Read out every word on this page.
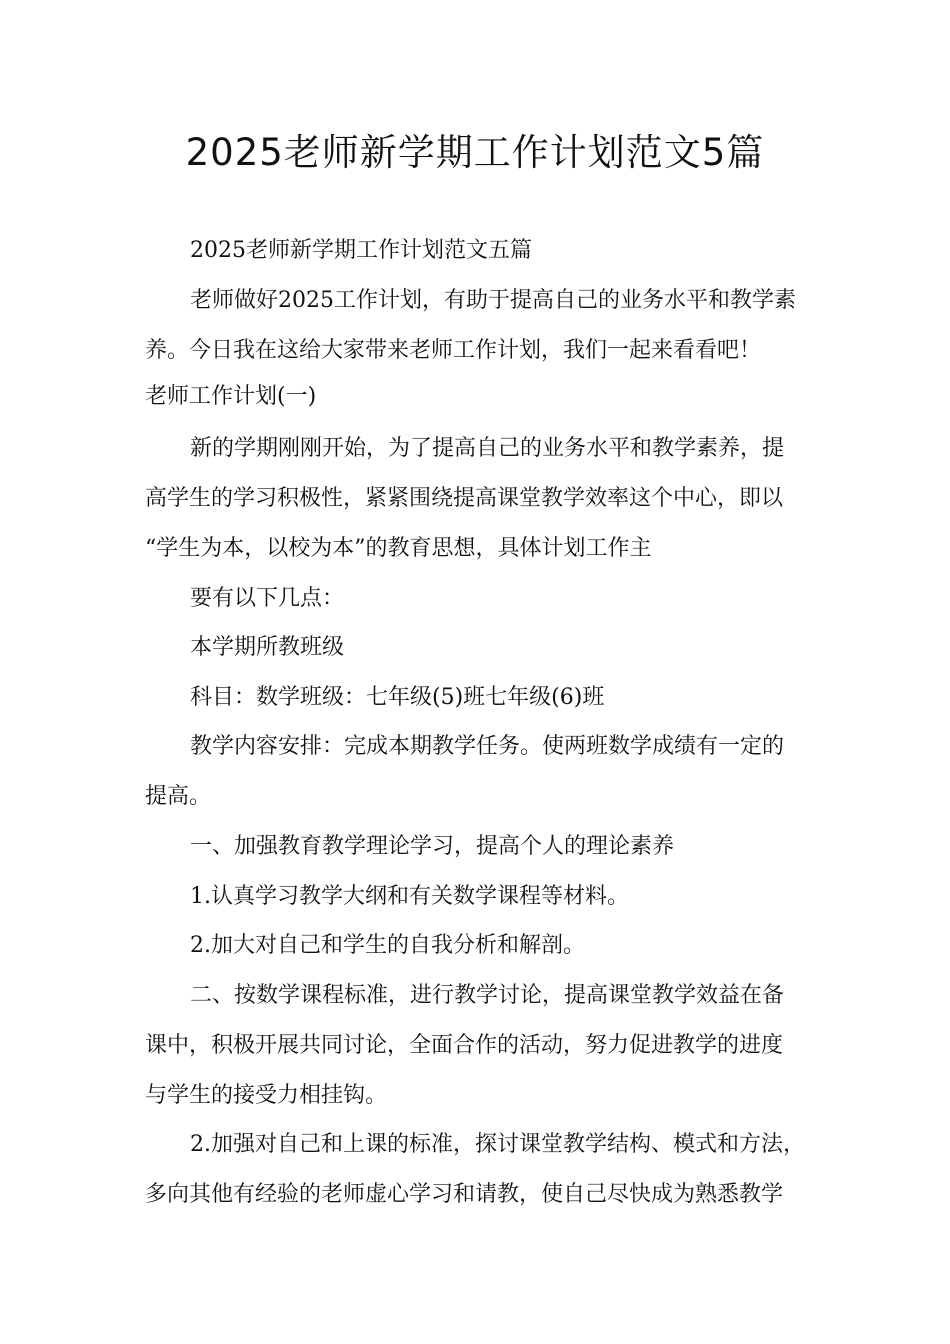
2025老师新学期工作计划范文5篇

2025老师新学期工作计划范文五篇

老师做好2025工作计划，有助于提高自己的业务水平和教学素

养。今日我在这给大家带来老师工作计划，我们一起来看看吧！

老师工作计划(一)

新的学期刚刚开始，为了提高自己的业务水平和教学素养，提

高学生的学习积极性，紧紧围绕提高课堂教学效率这个中心，即以

“学生为本，以校为本”的教育思想，具体计划工作主

要有以下几点：

本学期所教班级

科目：数学班级：七年级(5)班七年级(6)班

教学内容安排：完成本期教学任务。使两班数学成绩有一定的

提高。

一、加强教育教学理论学习，提高个人的理论素养

1.认真学习教学大纲和有关数学课程等材料。

2.加大对自己和学生的自我分析和解剖。

二、按数学课程标准，进行教学讨论，提高课堂教学效益在备

课中，积极开展共同讨论，全面合作的活动，努力促进教学的进度

与学生的接受力相挂钩。

2.加强对自己和上课的标准，探讨课堂教学结构、模式和方法，

多向其他有经验的老师虚心学习和请教，使自己尽快成为熟悉教学
